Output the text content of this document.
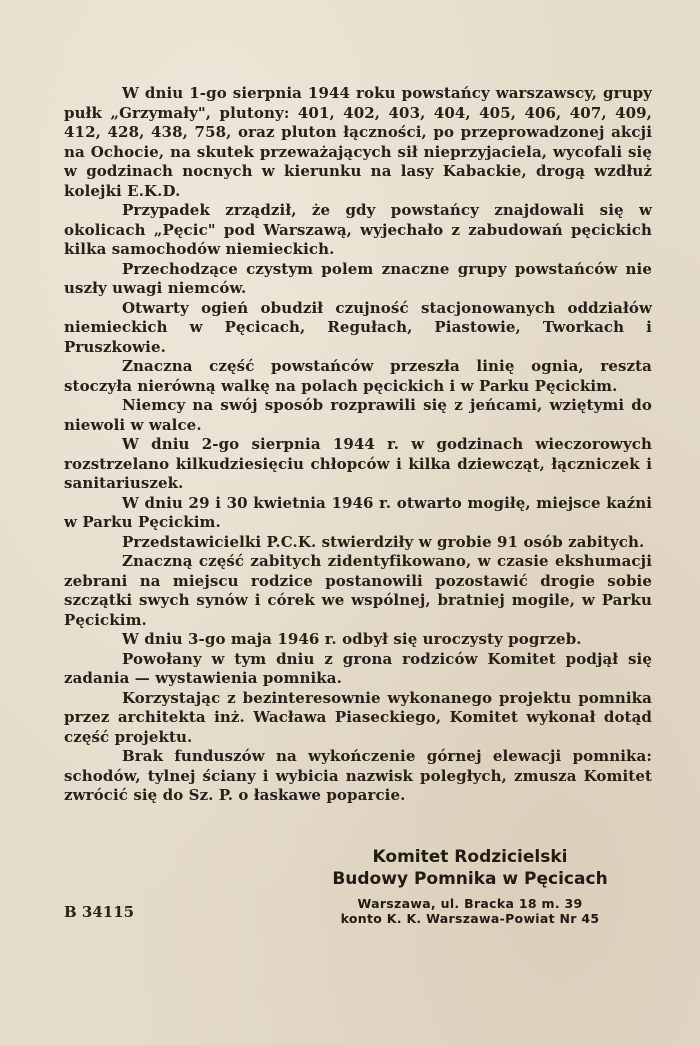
W dniu 1-go sierpnia 1944 roku powstańcy warszawscy, grupy pułk „Grzymały", plutony: 401, 402, 403, 404, 405, 406, 407, 409, 412, 428, 438, 758, oraz pluton łączności, po przeprowadzonej akcji na Ochocie, na skutek przeważających sił nieprzyjaciela, wycofali się w godzinach nocnych w kierunku na lasy Kabackie, drogą wzdłuż kolejki E.K.D.

Przypadek zrządził, że gdy powstańcy znajdowali się w okolicach „Pęcic" pod Warszawą, wyjechało z zabudowań pęcickich kilka samochodów niemieckich.

Przechodzące czystym polem znaczne grupy powstańców nie uszły uwagi niemców.

Otwarty ogień obudził czujność stacjonowanych oddziałów niemieckich w Pęcicach, Regułach, Piastowie, Tworkach i Pruszkowie.

Znaczna część powstańców przeszła linię ognia, reszta stoczyła nierówną walkę na polach pęcickich i w Parku Pęcickim.

Niemcy na swój sposób rozprawili się z jeńcami, wziętymi do niewoli w walce.

W dniu 2-go sierpnia 1944 r. w godzinach wieczorowych rozstrzelano kilkudziesięciu chłopców i kilka dziewcząt, łączniczek i sanitariuszek.

W dniu 29 i 30 kwietnia 1946 r. otwarto mogiłę, miejsce kaźni w Parku Pęcickim.

Przedstawicielki P.C.K. stwierdziły w grobie 91 osób zabitych.

Znaczną część zabitych zidentyfikowano, w czasie ekshumacji zebrani na miejscu rodzice postanowili pozostawić drogie sobie szczątki swych synów i córek we wspólnej, bratniej mogile, w Parku Pęcickim.

W dniu 3-go maja 1946 r. odbył się uroczysty pogrzeb.

Powołany w tym dniu z grona rodziców Komitet podjął się zadania — wystawienia pomnika.

Korzystając z bezinteresownie wykonanego projektu pomnika przez architekta inż. Wacława Piaseckiego, Komitet wykonał dotąd część projektu.

Brak funduszów na wykończenie górnej elewacji pomnika: schodów, tylnej ściany i wybicia nazwisk poległych, zmusza Komitet zwrócić się do Sz. P. o łaskawe poparcie.

Komitet Rodzicielski
Budowy Pomnika w Pęcicach
Warszawa, ul. Bracka 18 m. 39
konto K. K. Warszawa-Powiat Nr 45
B 34115
